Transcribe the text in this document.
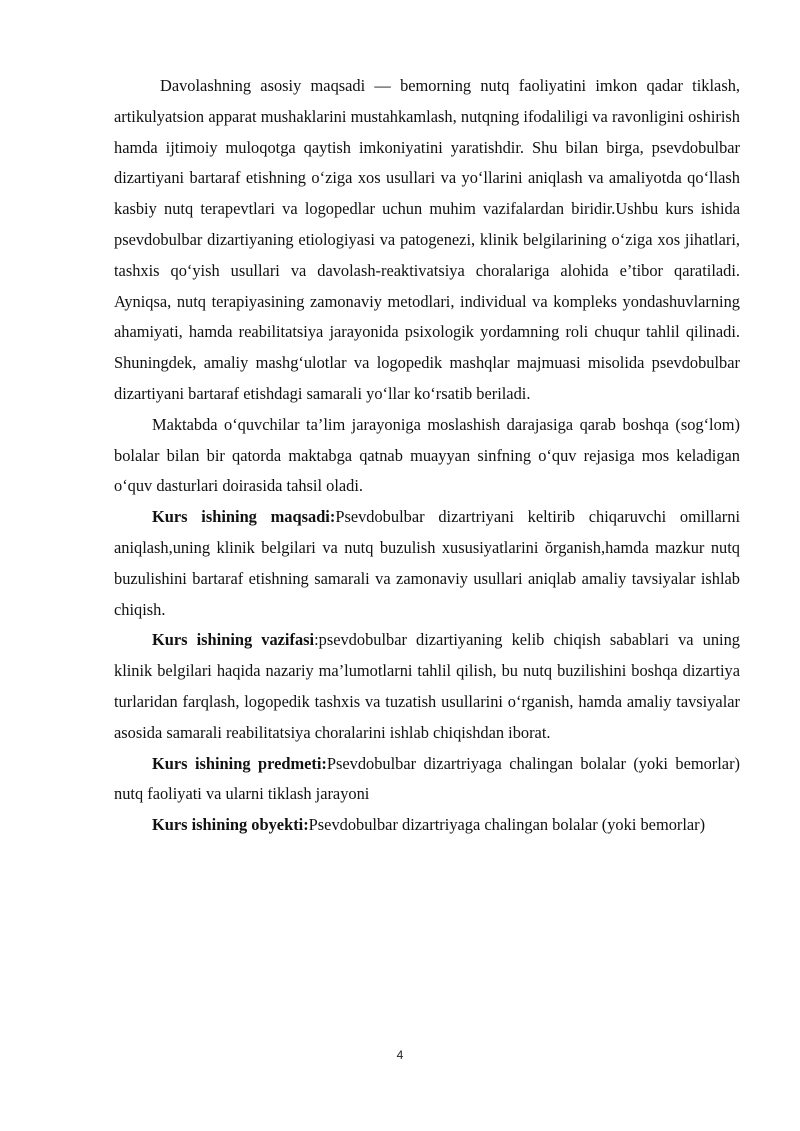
Davolashning asosiy maqsadi — bemorning nutq faoliyatini imkon qadar tiklash, artikulyatsion apparat mushaklarini mustahkamlash, nutqning ifodaliligi va ravonligini oshirish hamda ijtimoiy muloqotga qaytish imkoniyatini yaratishdir. Shu bilan birga, psevdobulbar dizartiyani bartaraf etishning o‘ziga xos usullari va yo‘llarini aniqlash va amaliyotda qo‘llash kasbiy nutq terapevtlari va logopedlar uchun muhim vazifalardan biridir.Ushbu kurs ishida psevdobulbar dizartiyaning etiologiyasi va patogenezi, klinik belgilarining o‘ziga xos jihatlari, tashxis qo‘yish usullari va davolash-reaktivatsiya choralariga alohida e’tibor qaratiladi. Ayniqsa, nutq terapiyasining zamonaviy metodlari, individual va kompleks yondashuvlarning ahamiyati, hamda reabilitatsiya jarayonida psixologik yordamning roli chuqur tahlil qilinadi. Shuningdek, amaliy mashg‘ulotlar va logopedik mashqlar majmuasi misolida psevdobulbar dizartiyani bartaraf etishdagi samarali yo‘llar ko‘rsatib beriladi.

Maktabda o‘quvchilar ta’lim jarayoniga moslashish darajasiga qarab boshqa (sog‘lom) bolalar bilan bir qatorda maktabga qatnab muayyan sinfning o‘quv rejasiga mos keladigan o‘quv dasturlari doirasida tahsil oladi.

Kurs ishining maqsadi:Psevdobulbar dizartriyani keltirib chiqaruvchi omillarni aniqlash,uning klinik belgilari va nutq buzulish xususiyatlarini ŏrganish,hamda mazkur nutq buzulishini bartaraf etishning samarali va zamonaviy usullari aniqlab amaliy tavsiyalar ishlab chiqish.

Kurs ishining vazifasi:psevdobulbar dizartiyaning kelib chiqish sabablari va uning klinik belgilari haqida nazariy ma’lumotlarni tahlil qilish, bu nutq buzilishini boshqa dizartiya turlaridan farqlash, logopedik tashxis va tuzatish usullarini o‘rganish, hamda amaliy tavsiyalar asosida samarali reabilitatsiya choralarini ishlab chiqishdan iborat.

Kurs ishining predmeti:Psevdobulbar dizartriyaga chalingan bolalar (yoki bemorlar) nutq faoliyati va ularni tiklash jarayoni

Kurs ishining obyekti:Psevdobulbar dizartriyaga chalingan bolalar (yoki bemorlar)

4
